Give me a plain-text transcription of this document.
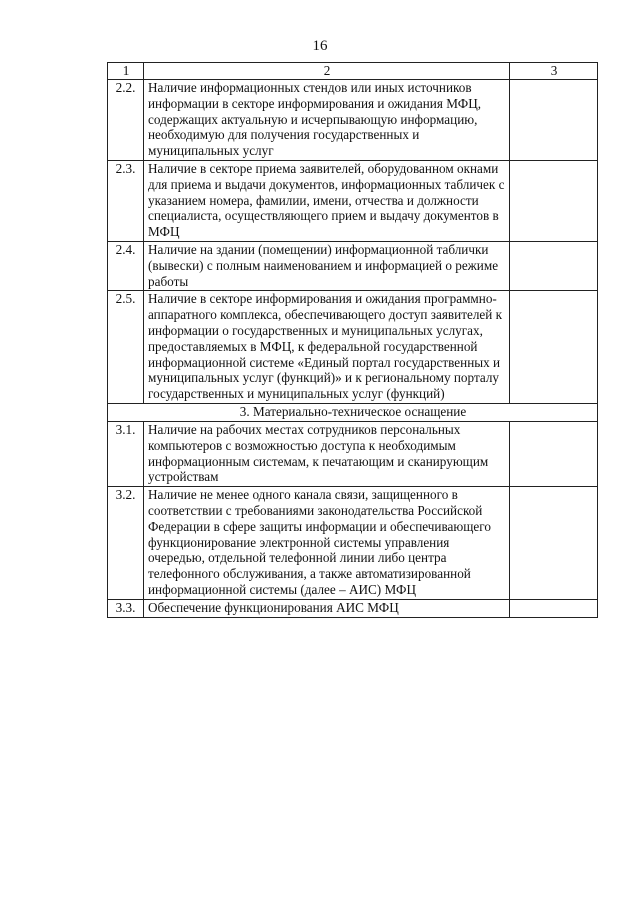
16
1	2	3
2.2.	Наличие информационных стендов или иных источников информации в секторе информирования и ожидания МФЦ, содержащих актуальную и исчерпывающую информацию, необходимую для получения государственных и муниципальных услуг	
2.3.	Наличие в секторе приема заявителей, оборудованном окнами для приема и выдачи документов, информационных табличек с указанием номера, фамилии, имени, отчества и должности специалиста, осуществляющего прием и выдачу документов в МФЦ	
2.4.	Наличие на здании (помещении) информационной таблички (вывески) с полным наименованием и информацией о режиме работы	
2.5.	Наличие в секторе информирования и ожидания программно-аппаратного комплекса, обеспечивающего доступ заявителей к информации о государственных и муниципальных услугах, предоставляемых в МФЦ, к федеральной государственной информационной системе «Единый портал государственных и муниципальных услуг (функций)» и к региональному порталу государственных и муниципальных услуг (функций)	
3. Материально-техническое оснащение		
3.1.	Наличие на рабочих местах сотрудников персональных компьютеров с возможностью доступа к необходимым информационным системам, к печатающим и сканирующим устройствам	
3.2.	Наличие не менее одного канала связи, защищенного в соответствии с требованиями законодательства Российской Федерации в сфере защиты информации и обеспечивающего функционирование электронной системы управления очередью, отдельной телефонной линии либо центра телефонного обслуживания, а также автоматизированной информационной системы (далее – АИС) МФЦ	
3.3.	Обеспечение функционирования АИС МФЦ	
